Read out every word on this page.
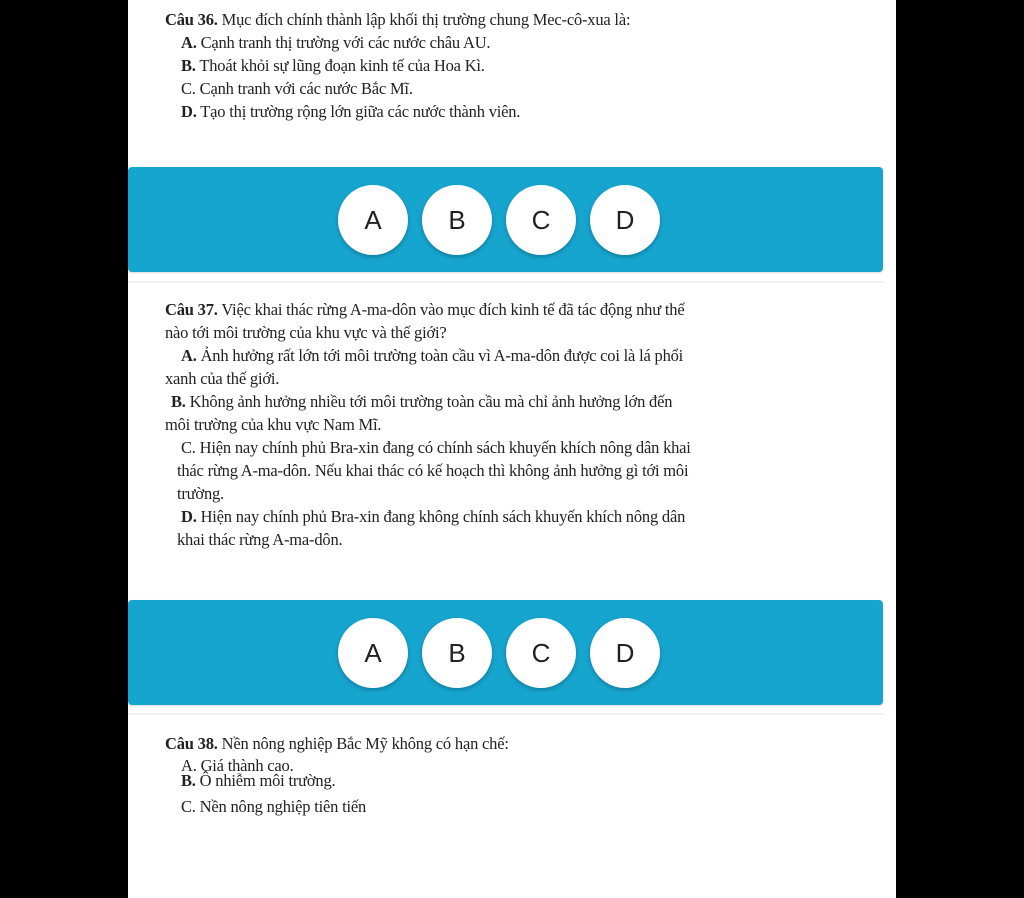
Câu 36. Mục đích chính thành lập khối thị trường chung Mec-cô-xua là:
A. Cạnh tranh thị trường với các nước châu AU.
B. Thoát khỏi sự lũng đoạn kinh tế của Hoa Kì.
C. Cạnh tranh với các nước Bắc Mĩ.
D. Tạo thị trường rộng lớn giữa các nước thành viên.
A	B	C	D
Câu 37. Việc khai thác rừng A-ma-dôn vào mục đích kinh tế đã tác động như thế
nào tới môi trường của khu vực và thế giới?
A. Ảnh hưởng rất lớn tới môi trường toàn cầu vì A-ma-dôn được coi là lá phổi
xanh của thế giới.
B. Không ảnh hưởng nhiều tới môi trường toàn cầu mà chỉ ảnh hưởng lớn đến
môi trường của khu vực Nam Mĩ.
C. Hiện nay chính phủ Bra-xin đang có chính sách khuyến khích nông dân khai
thác rừng A-ma-dôn. Nếu khai thác có kế hoạch thì không ảnh hưởng gì tới môi
trường.
D. Hiện nay chính phủ Bra-xin đang không chính sách khuyến khích nông dân
khai thác rừng A-ma-dôn.
A	B	C	D
Câu 38. Nền nông nghiệp Bắc Mỹ không có hạn chế:
A. Giá thành cao.
B. Ô nhiễm môi trường.
C. Nền nông nghiệp tiên tiến
